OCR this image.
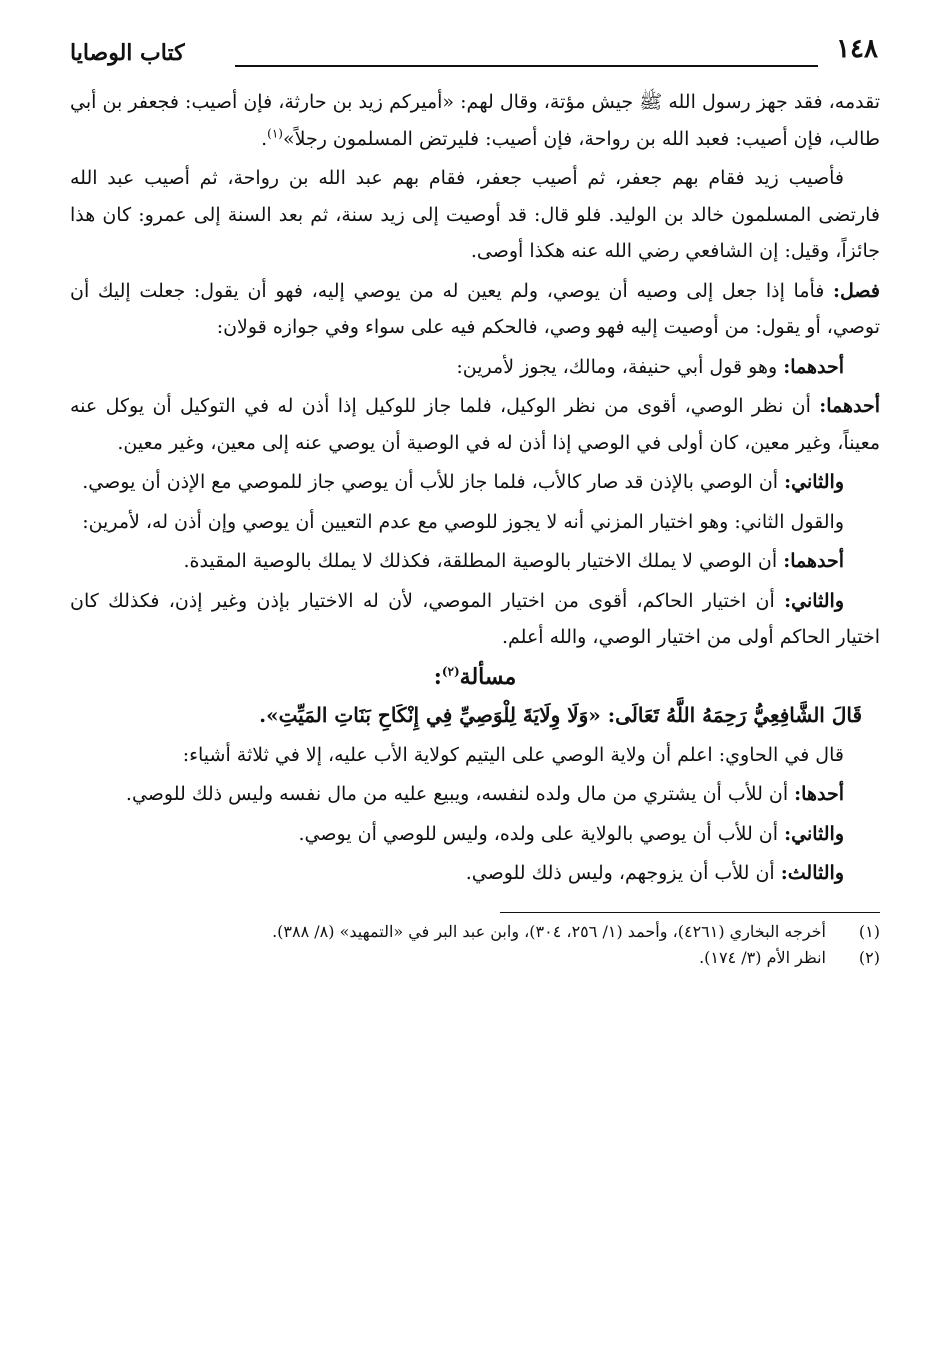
١٤٨
كتاب الوصايا

تقدمه، فقد جهز رسول الله ﷺ جيش مؤتة، وقال لهم: «أميركم زيد بن حارثة، فإن أصيب: فجعفر بن أبي طالب، فإن أصيب: فعبد الله بن رواحة، فإن أصيب: فليرتض المسلمون رجلاً»$^{(١)}$.

فأصيب زيد فقام بهم جعفر، ثم أصيب جعفر، فقام بهم عبد الله بن رواحة، ثم أصيب عبد الله فارتضى المسلمون خالد بن الوليد. فلو قال: قد أوصيت إلى زيد سنة، ثم بعد السنة إلى عمرو: كان هذا جائزاً، وقيل: إن الشافعي رضي الله عنه هكذا أوصى.

فصل: فأما إذا جعل إلى وصيه أن يوصي، ولم يعين له من يوصي إليه، فهو أن يقول: جعلت إليك أن توصي، أو يقول: من أوصيت إليه فهو وصي، فالحكم فيه على سواء وفي جوازه قولان:

أحدهما: وهو قول أبي حنيفة، ومالك، يجوز لأمرين:

أحدهما: أن نظر الوصي، أقوى من نظر الوكيل، فلما جاز للوكيل إذا أذن له في التوكيل أن يوكل عنه معيناً، وغير معين، كان أولى في الوصي إذا أذن له في الوصية أن يوصي عنه إلى معين، وغير معين.

والثاني: أن الوصي بالإذن قد صار كالأب، فلما جاز للأب أن يوصي جاز للموصي مع الإذن أن يوصي.

والقول الثاني: وهو اختيار المزني أنه لا يجوز للوصي مع عدم التعيين أن يوصي وإن أذن له، لأمرين:

أحدهما: أن الوصي لا يملك الاختيار بالوصية المطلقة، فكذلك لا يملك بالوصية المقيدة.

والثاني: أن اختيار الحاكم، أقوى من اختيار الموصي، لأن له الاختيار بإذن وغير إذن، فكذلك كان اختيار الحاكم أولى من اختيار الوصي، والله أعلم.

مسألة$^{(٢)}$:

قَالَ الشَّافِعِيُّ رَحِمَهُ اللَّهُ تَعَالَى: «وَلَا وِلَايَةَ لِلْوَصِيِّ فِي إِنْكَاحِ بَنَاتِ المَيِّتِ».

قال في الحاوي: اعلم أن ولاية الوصي على اليتيم كولاية الأب عليه، إلا في ثلاثة أشياء:

أحدها: أن للأب أن يشتري من مال ولده لنفسه، ويبيع عليه من مال نفسه وليس ذلك للوصي.

والثاني: أن للأب أن يوصي بالولاية على ولده، وليس للوصي أن يوصي.

والثالث: أن للأب أن يزوجهم، وليس ذلك للوصي.

(١)
أخرجه البخاري (٤٢٦١)، وأحمد (١/ ٢٥٦، ٣٠٤)، وابن عبد البر في «التمهيد» (٨/ ٣٨٨).
(٢)
انظر الأم (٣/ ١٧٤).
